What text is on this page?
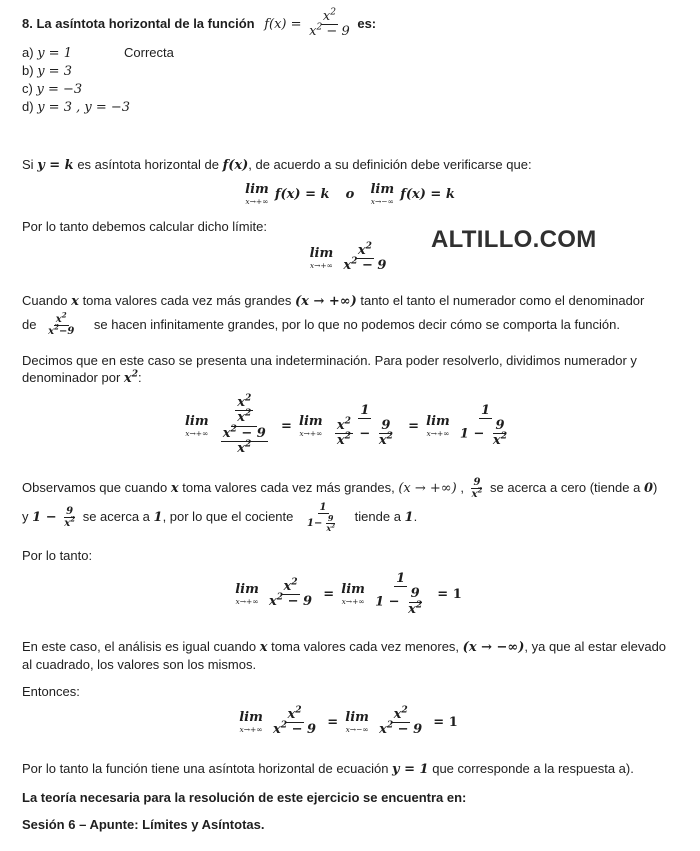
8. La asíntota horizontal de la función $f(x) = \frac{x^2}{x^2 - 9}$ es:
a) y = 1	Correcta
b) y = 3
c) y = −3
d) y = 3 , y = −3
Si y = k es asíntota horizontal de f(x), de acuerdo a su definición debe verificarse que:
lim
x→+∞ f(x) = k o lim
x→−∞ f(x) = k
Por lo tanto debemos calcular dicho límite:	ALTILLO.COM
lim
x→+∞
$\frac{x^2}{x^2 - 9}$
Cuando x toma valores cada vez más grandes (x → +∞) tanto el tanto el numerador como el denominador
de $\frac{x^2}{x^2-9}$ se hacen infinitamente grandes, por lo que no podemos decir cómo se comporta la función.
Decimos que en este caso se presenta una indeterminación. Para poder resolverlo, dividimos numerador y
denominador por $x^2$:
lim
x→+∞
$\frac{\frac{x^2}{x^2}}{\frac{x^2 - 9}{x^2}} = \lim$
x→+∞
$\frac{1}{\frac{x^2}{x^2} - \frac{9}{x^2}} = \lim$
x→+∞
$\frac{1}{1 - \frac{9}{x^2}}$
Observamos que cuando x toma valores cada vez más grandes, (x → +∞) , $\frac{9}{x^2}$ se acerca a cero (tiende a 0)
y $1 - \frac{9}{x^2}$ se acerca a 1, por lo que el cociente $\frac{1}{1- \frac{9}{x^2}}$ tiende a 1.
Por lo tanto:
lim
x→+∞
$\frac{x^2}{x^2 - 9} = \lim$
x→+∞
$\frac{1}{1 - \frac{9}{x^2}} = 1$
En este caso, el análisis es igual cuando x toma valores cada vez menores, (x → −∞), ya que al estar elevado
al cuadrado, los valores son los mismos.
Entonces:
lim
x→+∞
$\frac{x^2}{x^2 - 9} = \lim$
x→−∞
$\frac{x^2}{x^2 - 9} = 1$
Por lo tanto la función tiene una asíntota horizontal de ecuación y = 1 que corresponde a la respuesta a).
La teoría necesaria para la resolución de este ejercicio se encuentra en:
Sesión 6 – Apunte: Límites y Asíntotas.
